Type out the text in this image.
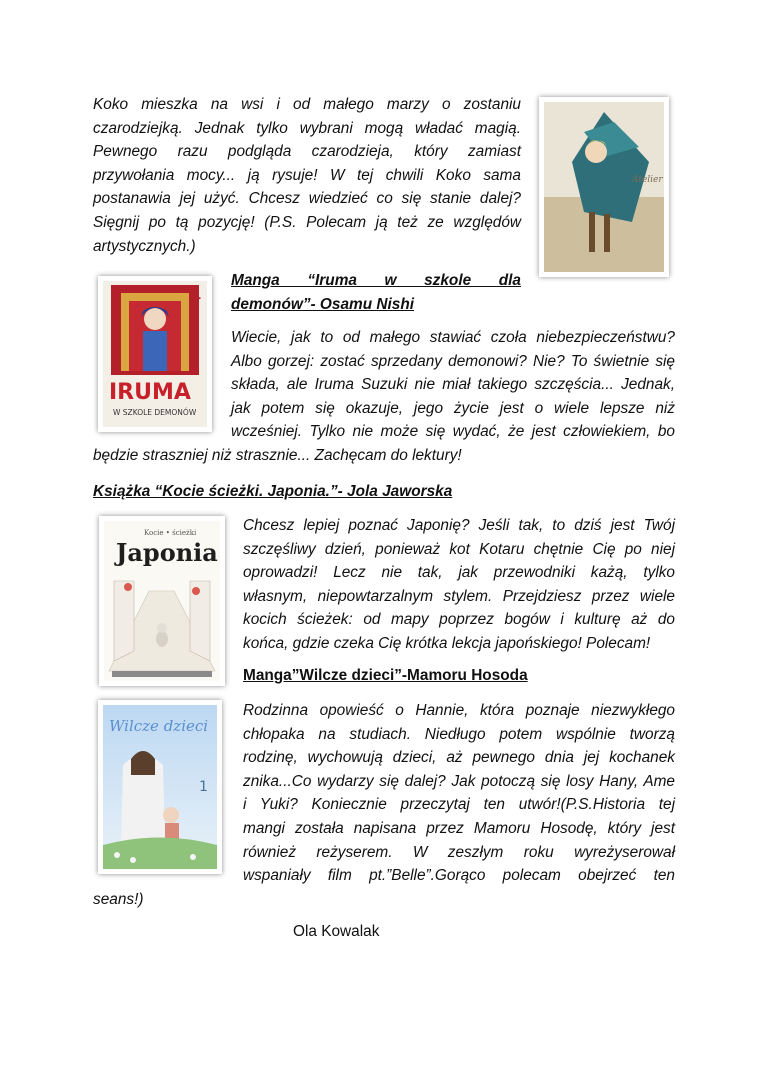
Koko mieszka na wsi i od małego marzy o zostaniu
czarodziejką. Jednak tylko wybrani mogą władać magią.
Pewnego razu podgląda czarodzieja, który zamiast
przywołania mocy... ją rysuje! W tej chwili Koko sama
postanawia jej użyć. Chcesz wiedzieć co się stanie dalej?
Sięgnij po tą pozycję! (P.S. Polecam ją też ze względów
artystycznych.)
Atelier
1
IRUMA
W SZKOLE DEMONÓW
Manga “Iruma w szkole dla
demonów”- Osamu Nishi
Wiecie, jak to od małego stawiać czoła niebezpieczeństwu?
Albo gorzej: zostać sprzedany demonowi? Nie? To świetnie się
składa, ale Iruma Suzuki nie miał takiego szczęścia... Jednak,
jak potem się okazuje, jego życie jest o wiele lepsze niż
wcześniej. Tylko nie może się wydać, że jest człowiekiem, bo
będzie straszniej niż strasznie... Zachęcam do lektury!
Książka “Kocie ścieżki. Japonia.”- Jola Jaworska
Kocie • ścieżki
Japonia
Chcesz lepiej poznać Japonię? Jeśli tak, to dziś jest Twój
szczęśliwy dzień, ponieważ kot Kotaru chętnie Cię po niej
oprowadzi! Lecz nie tak, jak przewodniki każą, tylko
własnym, niepowtarzalnym stylem. Przejdziesz przez wiele
kocich ścieżek: od mapy poprzez bogów i kulturę aż do
końca, gdzie czeka Cię krótka lekcja japońskiego! Polecam!
Manga”Wilcze dzieci”-Mamoru Hosoda
Wilcze dzieci
1
Rodzinna opowieść o Hannie, która poznaje niezwykłego
chłopaka na studiach. Niedługo potem wspólnie tworzą
rodzinę, wychowują dzieci, aż pewnego dnia jej kochanek
znika...Co wydarzy się dalej? Jak potoczą się losy Hany, Ame
i Yuki? Koniecznie przeczytaj ten utwór!(P.S.Historia tej
mangi została napisana przez Mamoru Hosodę, który jest
również reżyserem. W zeszłym roku wyreżyserował
wspaniały film pt.”Belle”.Gorąco polecam obejrzeć ten
seans!)
Ola Kowalak
